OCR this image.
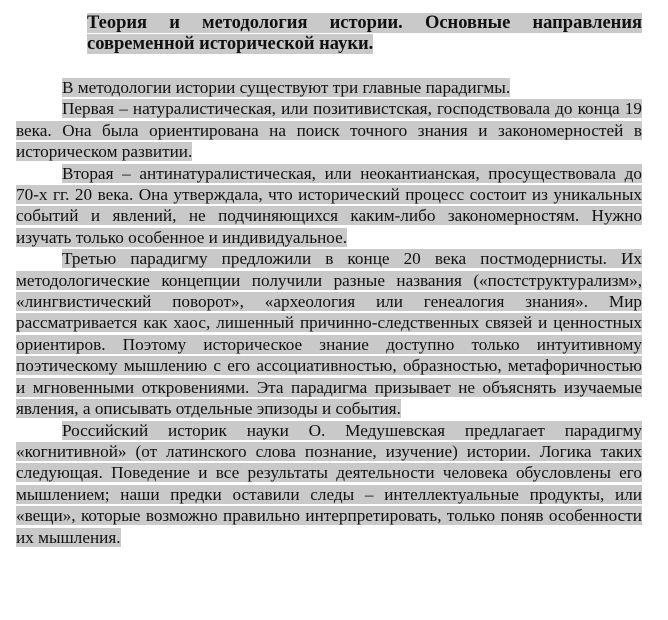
Теория и методология истории. Основные направления современной исторической науки.

В методологии истории существуют три главные парадигмы.

Первая – натуралистическая, или позитивистская, господствовала до конца 19 века. Она была ориентирована на поиск точного знания и закономерностей в историческом развитии.

Вторая – антинатуралистическая, или неокантианская, просуществовала до 70-х гг. 20 века. Она утверждала, что исторический процесс состоит из уникальных событий и явлений, не подчиняющихся каким-либо закономерностям. Нужно изучать только особенное и индивидуальное.

Третью парадигму предложили в конце 20 века постмодернисты. Их методологические концепции получили разные названия («постструктурализм», «лингвистический поворот», «археология или генеалогия знания». Мир рассматривается как хаос, лишенный причинно-следственных связей и ценностных ориентиров. Поэтому историческое знание доступно только интуитивному поэтическому мышлению с его ассоциативностью, образностью, метафоричностью и мгновенными откровениями. Эта парадигма призывает не объяснять изучаемые явления, а описывать отдельные эпизоды и события.

Российский историк науки О. Медушевская предлагает парадигму «когнитивной» (от латинского слова познание, изучение) истории. Логика таких следующая. Поведение и все результаты деятельности человека обусловлены его мышлением; наши предки оставили следы – интеллектуальные продукты, или «вещи», которые возможно правильно интерпретировать, только поняв особенности их мышления.
